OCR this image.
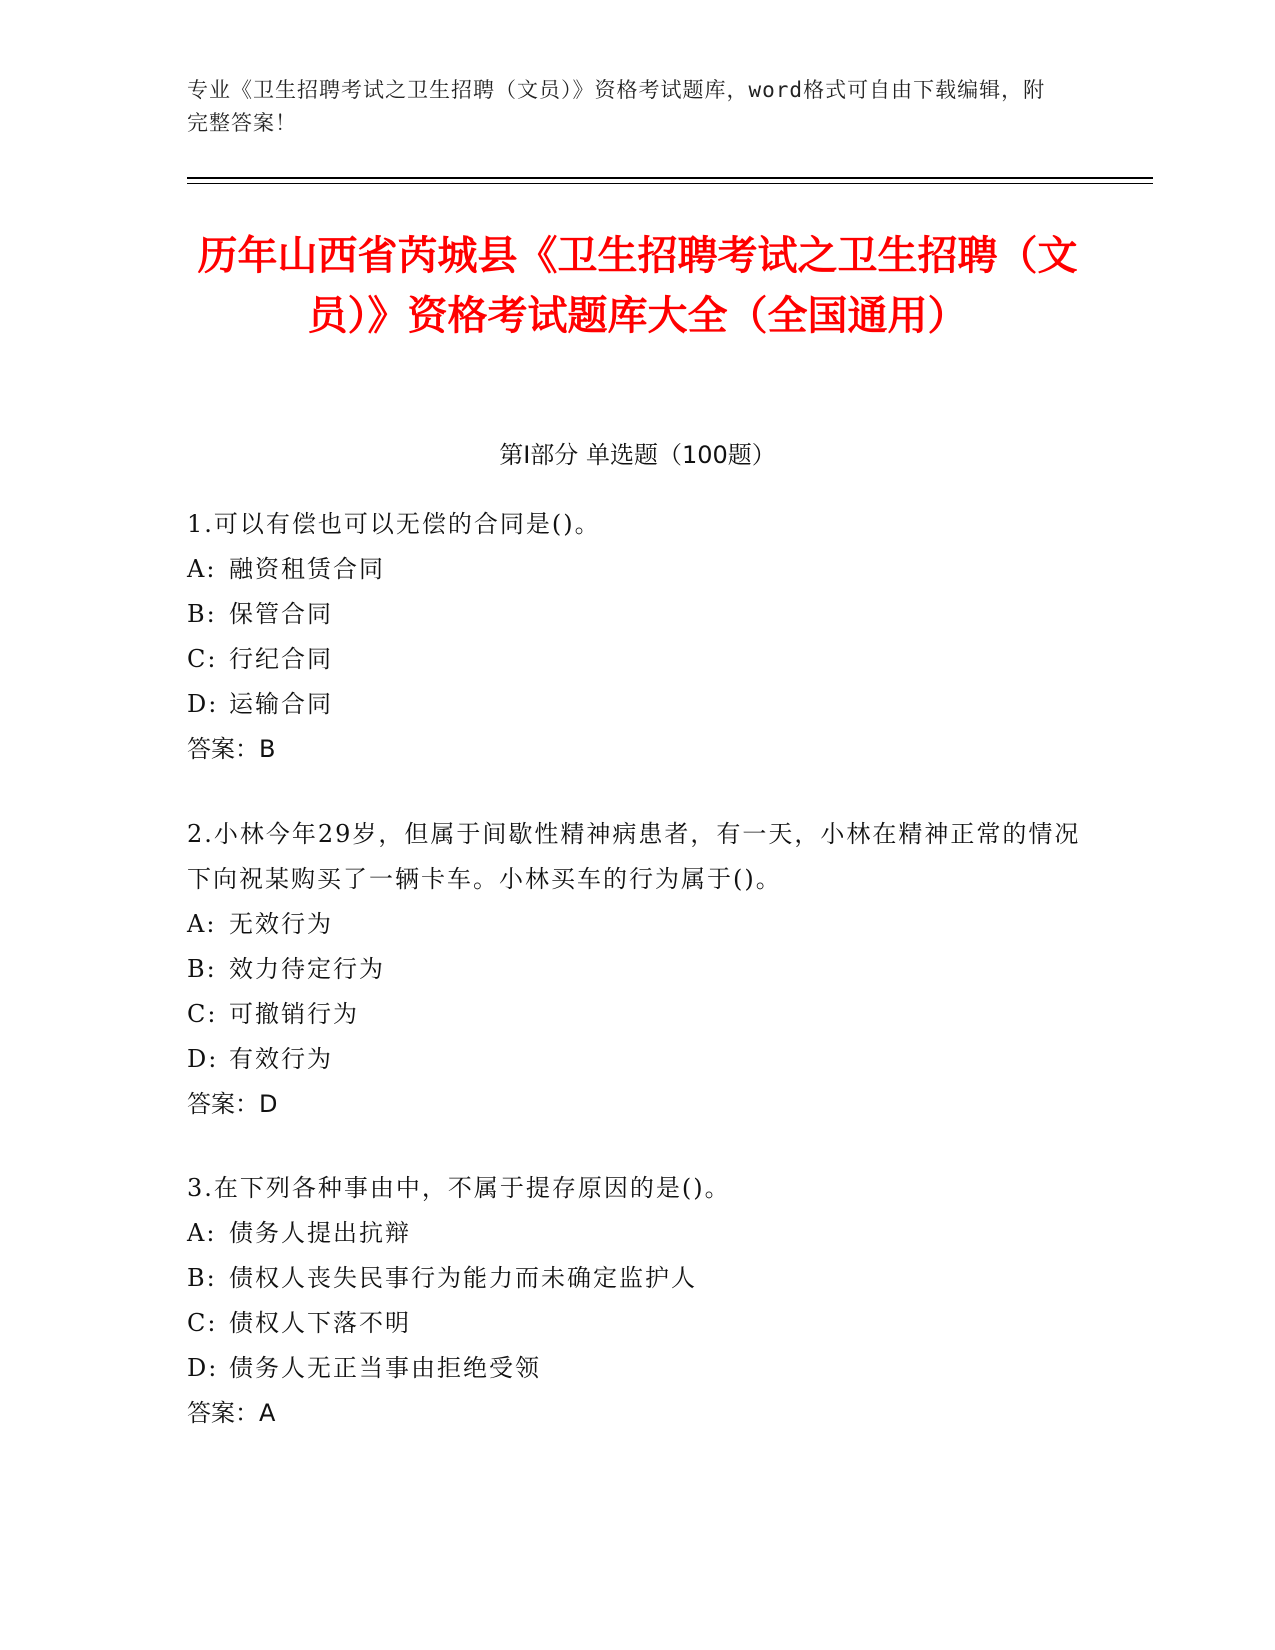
专业《卫生招聘考试之卫生招聘（文员）》资格考试题库，word格式可自由下载编辑，附完整答案！
历年山西省芮城县《卫生招聘考试之卫生招聘（文员）》资格考试题库大全（全国通用）
第Ⅰ部分 单选题（100题）
1.可以有偿也可以无偿的合同是()。
A: 融资租赁合同
B: 保管合同
C: 行纪合同
D: 运输合同
答案：B
2.小林今年29岁，但属于间歇性精神病患者，有一天，小林在精神正常的情况下向祝某购买了一辆卡车。小林买车的行为属于()。
A: 无效行为
B: 效力待定行为
C: 可撤销行为
D: 有效行为
答案：D
3.在下列各种事由中，不属于提存原因的是()。
A: 债务人提出抗辩
B: 债权人丧失民事行为能力而未确定监护人
C: 债权人下落不明
D: 债务人无正当事由拒绝受领
答案：A
